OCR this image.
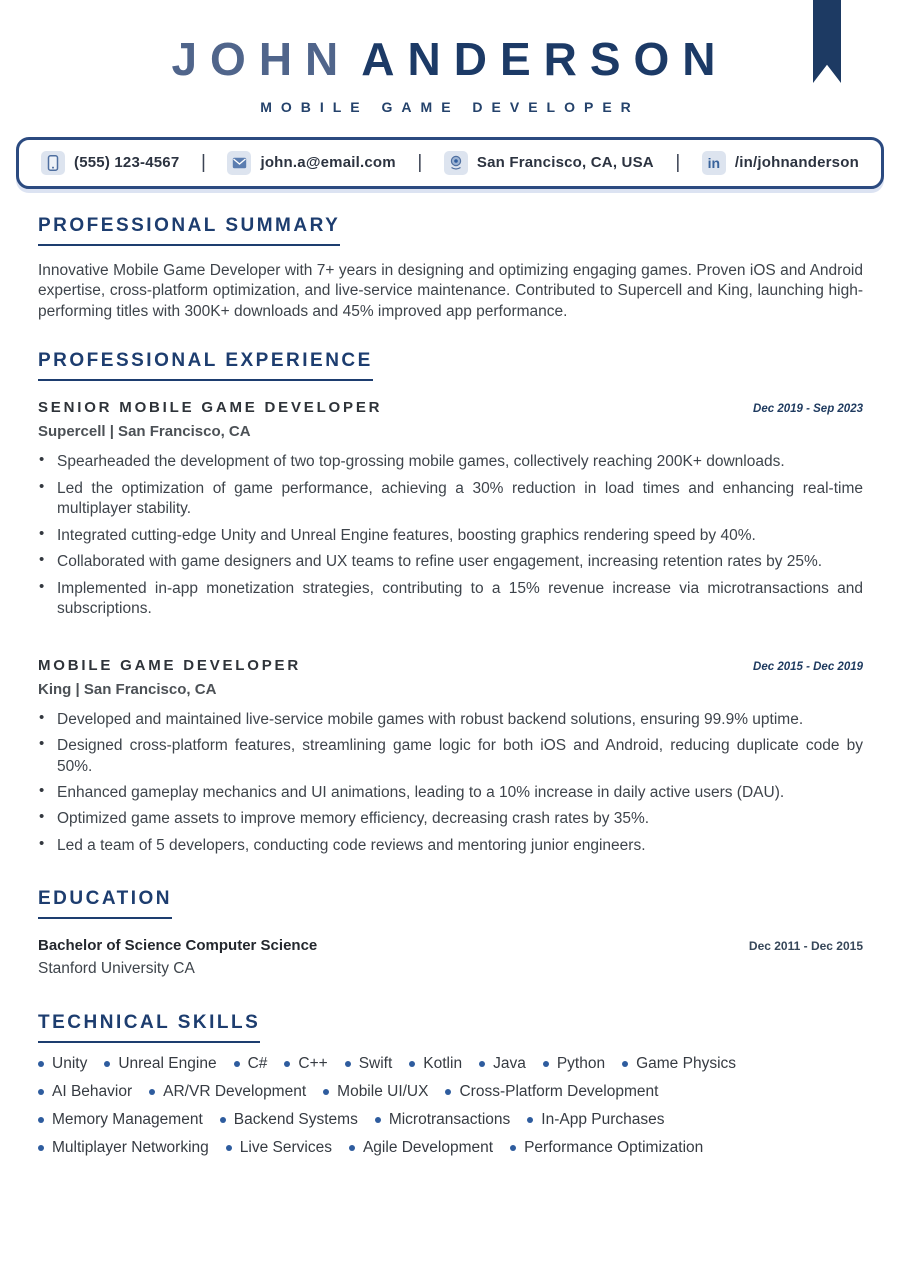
JOHN ANDERSON
MOBILE GAME DEVELOPER
(555) 123-4567 |	john.a@email.com |	San Francisco, CA, USA | in /in/johnanderson
PROFESSIONAL SUMMARY

Innovative Mobile Game Developer with 7+ years in designing and optimizing engaging games. Proven iOS and Android expertise, cross-platform optimization, and live-service maintenance. Contributed to Supercell and King, launching high-performing titles with 300K+ downloads and 45% improved app performance.

PROFESSIONAL EXPERIENCE
SENIOR MOBILE GAME DEVELOPER	Dec 2019 - Sep 2023
Supercell | San Francisco, CA
• Spearheaded the development of two top-grossing mobile games, collectively reaching 200K+ downloads.
• Led the optimization of game performance, achieving a 30% reduction in load times and enhancing real-time multiplayer stability.
• Integrated cutting-edge Unity and Unreal Engine features, boosting graphics rendering speed by 40%.
• Collaborated with game designers and UX teams to refine user engagement, increasing retention rates by 25%.
• Implemented in-app monetization strategies, contributing to a 15% revenue increase via microtransactions and subscriptions.
MOBILE GAME DEVELOPER	Dec 2015 - Dec 2019
King | San Francisco, CA
• Developed and maintained live-service mobile games with robust backend solutions, ensuring 99.9% uptime.
• Designed cross-platform features, streamlining game logic for both iOS and Android, reducing duplicate code by 50%.
• Enhanced gameplay mechanics and UI animations, leading to a 10% increase in daily active users (DAU).
• Optimized game assets to improve memory efficiency, decreasing crash rates by 35%.
• Led a team of 5 developers, conducting code reviews and mentoring junior engineers.
EDUCATION
Bachelor of Science Computer Science	Dec 2011 - Dec 2015
Stanford University CA
TECHNICAL SKILLS
Unity Unreal Engine C# C++ Swift Kotlin Java Python Game Physics
AI Behavior AR/VR Development Mobile UI/UX Cross-Platform Development
Memory Management Backend Systems Microtransactions In-App Purchases
Multiplayer Networking Live Services Agile Development Performance Optimization
